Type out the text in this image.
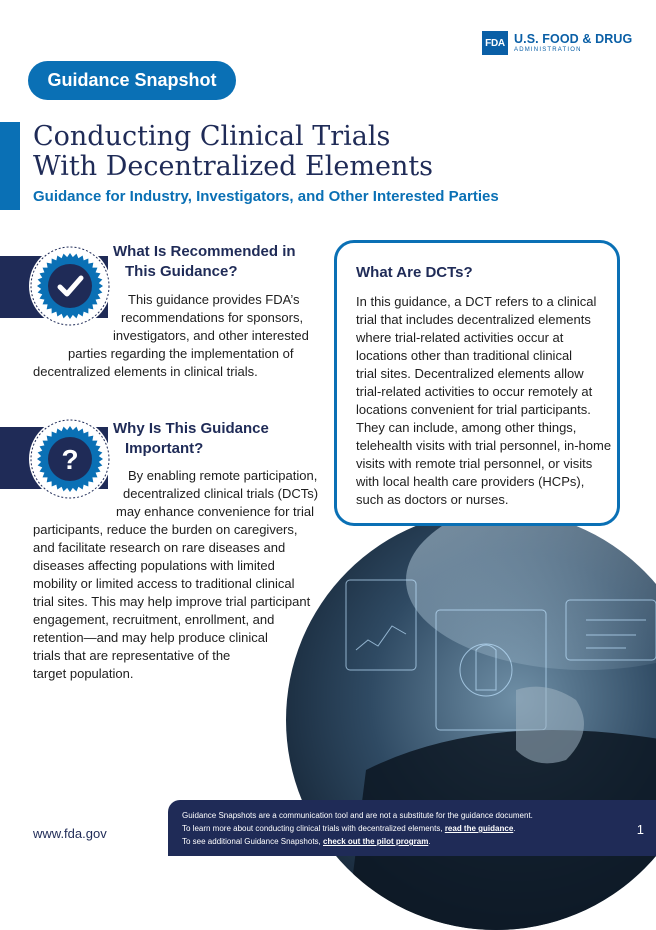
FDA U.S. FOOD & DRUG
ADMINISTRATION
Guidance Snapshot
Conducting Clinical Trials
With Decentralized Elements
Guidance for Industry, Investigators, and Other Interested Parties
What Is Recommended in
This Guidance?
This guidance provides FDA’s
recommendations for sponsors,
investigators, and other interested
parties regarding the implementation of
decentralized elements in clinical trials.
?
Why Is This Guidance
Important?
By enabling remote participation,
decentralized clinical trials (DCTs)
may enhance convenience for trial
participants, reduce the burden on caregivers,
and facilitate research on rare diseases and
diseases affecting populations with limited
mobility or limited access to traditional clinical
trial sites. This may help improve trial participant
engagement, recruitment, enrollment, and
retention—and may help produce clinical
trials that are representative of the
target population.
What Are DCTs?
In this guidance, a DCT refers to a clinical
trial that includes decentralized elements
where trial-related activities occur at
locations other than traditional clinical
trial sites. Decentralized elements allow
trial-related activities to occur remotely at
locations convenient for trial participants.
They can include, among other things,
telehealth visits with trial personnel, in-home
visits with remote trial personnel, or visits
with local health care providers (HCPs),
such as doctors or nurses.
www.fda.gov
Guidance Snapshots are a communication tool and are not a substitute for the guidance document.
To learn more about conducting clinical trials with decentralized elements, read the guidance.
To see additional Guidance Snapshots, check out the pilot program.
1
